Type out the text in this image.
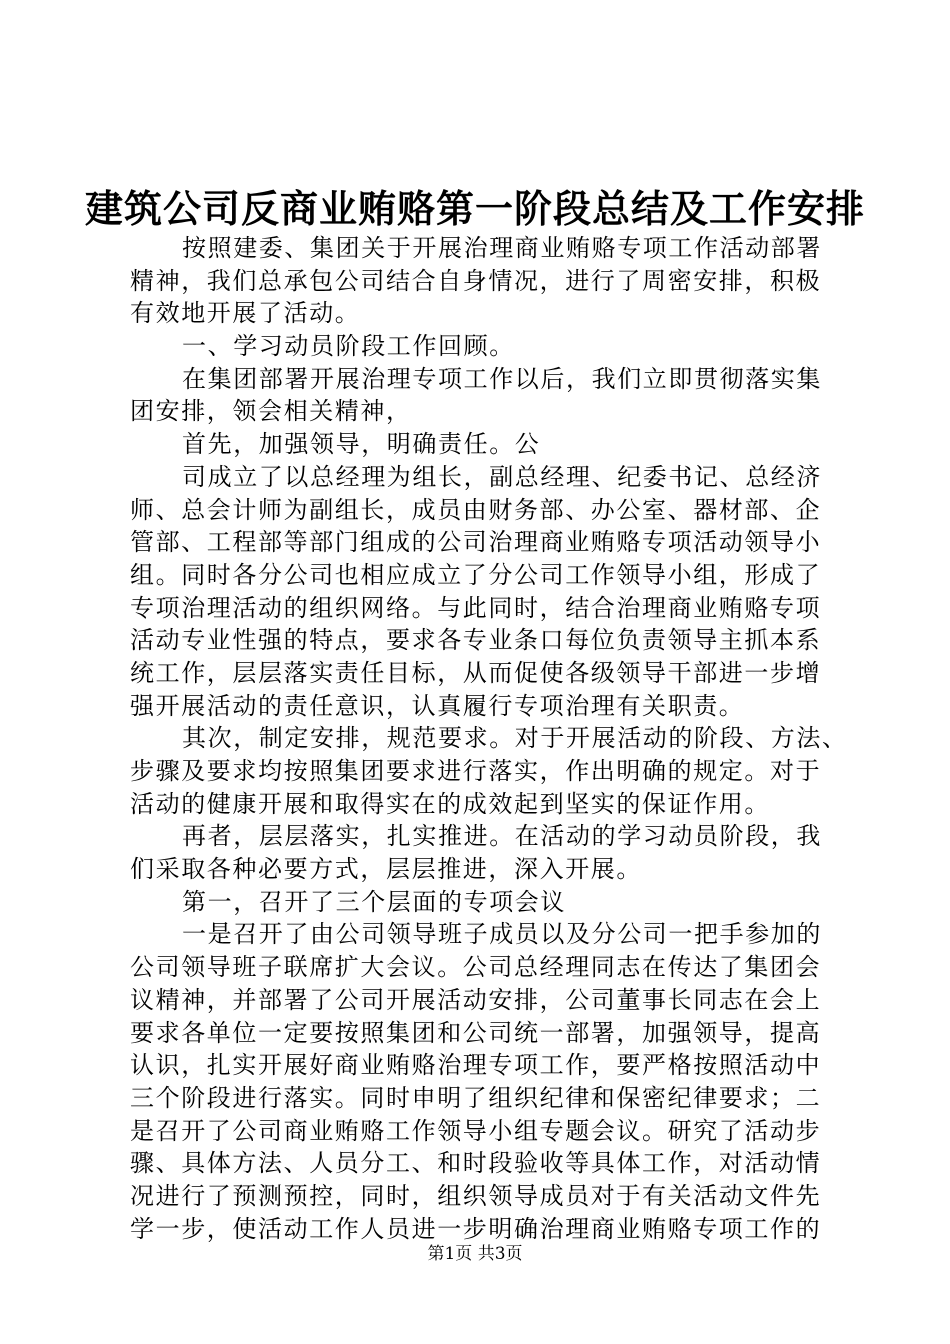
建筑公司反商业贿赂第一阶段总结及工作安排
按照建委、集团关于开展治理商业贿赂专项工作活动部署
精神，我们总承包公司结合自身情况，进行了周密安排，积极
有效地开展了活动。
一、学习动员阶段工作回顾。
在集团部署开展治理专项工作以后，我们立即贯彻落实集
团安排，领会相关精神，
首先，加强领导，明确责任。公
司成立了以总经理为组长，副总经理、纪委书记、总经济
师、总会计师为副组长，成员由财务部、办公室、器材部、企
管部、工程部等部门组成的公司治理商业贿赂专项活动领导小
组。同时各分公司也相应成立了分公司工作领导小组，形成了
专项治理活动的组织网络。与此同时，结合治理商业贿赂专项
活动专业性强的特点，要求各专业条口每位负责领导主抓本系
统工作，层层落实责任目标，从而促使各级领导干部进一步增
强开展活动的责任意识，认真履行专项治理有关职责。
其次，制定安排，规范要求。对于开展活动的阶段、方法、
步骤及要求均按照集团要求进行落实，作出明确的规定。对于
活动的健康开展和取得实在的成效起到坚实的保证作用。
再者，层层落实，扎实推进。在活动的学习动员阶段，我
们采取各种必要方式，层层推进，深入开展。
第一，召开了三个层面的专项会议
一是召开了由公司领导班子成员以及分公司一把手参加的
公司领导班子联席扩大会议。公司总经理同志在传达了集团会
议精神，并部署了公司开展活动安排，公司董事长同志在会上
要求各单位一定要按照集团和公司统一部署，加强领导，提高
认识，扎实开展好商业贿赂治理专项工作，要严格按照活动中
三个阶段进行落实。同时申明了组织纪律和保密纪律要求；二
是召开了公司商业贿赂工作领导小组专题会议。研究了活动步
骤、具体方法、人员分工、和时段验收等具体工作，对活动情
况进行了预测预控，同时，组织领导成员对于有关活动文件先
学一步，使活动工作人员进一步明确治理商业贿赂专项工作的
第1页 共3页
